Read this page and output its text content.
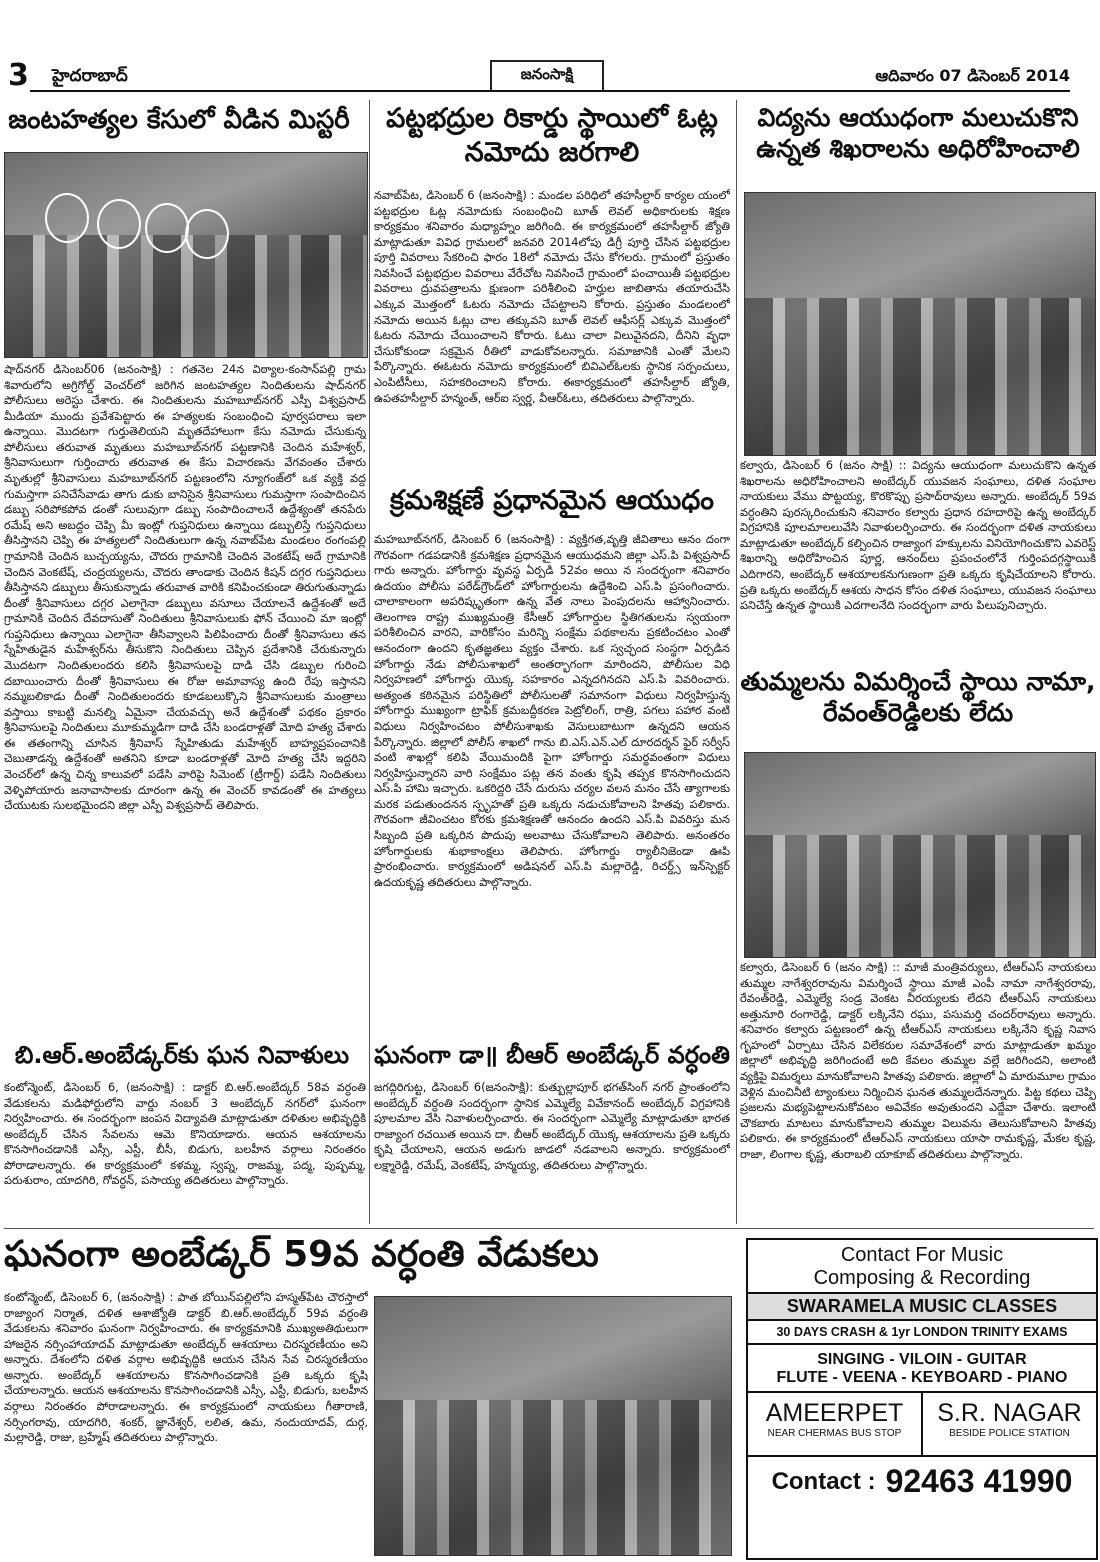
3 హైదరాబాద్	జనంసాక్షి	ఆదివారం 07 డిసెంబర్ 2014
జంటహత్యల కేసులో వీడిన మిస్టరీ
షాద్‌నగర్‌ డిసెంబర్‌06 (జనంసాక్షి) : గతనెల 24న విఠ్యాల-కంసాన్‌పల్లి గ్రామ శివారులోని అగ్రిగోల్డ్‌ వెంచర్‌లో జరిగిన జంటహత్యల నిందితులను షాద్‌నగర్‌ పోలీసులు అరెస్టు చేశారు. ఈ నిందితులను మహబూబ్‌నగర్‌ ఎస్పీ విశ్వప్రసాద్‌ మీడియా ముందు ప్రవేశపెట్టారు ఈ హత్యలకు సంబంధించి పూర్వపరాలు ఇలా ఉన్నాయి. మొదటగా గుర్తుతెలియని మృతదేహాలుగా కేసు నమోదు చేసుకున్న పోలీసులు తరువాత మృతులు మహబూబ్‌నగర్‌ పట్టణానికి చెందిన మహేశ్వర్‌, శ్రీనివాసులుగా గుర్తించారు తరువాత ఈ కేసు విచారణను వేగవంతం చేశారు మృతుల్లో శ్రీనివాసులు మహబూబ్‌నగర్‌ పట్టణంలోని న్యూగంజ్‌లో ఒక వ్యక్తి వద్ద గుమస్తాగా పనిచేసేవాడు తాగు డుకు బానిసైన శ్రీనివాసులు గుమస్తాగా సంపాదించిన డబ్బు సరిపోకపోవ డంతో సులువుగా డబ్బు సంపాదించాలనే ఉద్దేశ్యంతో తనపేరు రమేష్‌ అని అబద్దం చెప్పి మీ ఇంట్లో గుప్తనిధులు ఉన్నాయి డబ్బులిస్తే గుప్తనిధులు తీసిస్తానని చెప్పి ఈ హత్యలలో నిందితులుగా ఉన్న నవాబ్‌పేట మండలం రంగంపల్లి గ్రామానికి చెందిన బుచ్చయ్యను, చౌదరు గ్రామానికి చెందిన వెంకటేష్‌ అదే గ్రామానికి చెందిన వెంకటేష్‌, చంద్రయ్యలను, చౌదరు తాండాకు చెందిన కిషన్‌ దగ్గర గుప్తనిధులు తీసిస్తానని డబ్బులు తీసుకున్నాడు తరువాత వారికి కనిపించకుండా తిరుగుతున్నాడు దీంతో శ్రీనివాసులు దగ్గర ఎలాగైనా డబ్బులు వసూలు చేయాలనే ఉద్దేశంతో అదే గ్రామానికి చెందిన దేవదాసుతో నిందితులు శ్రీనివాసులుకు ఫోన్‌ చేయించి మా ఇంట్లో గుప్తనిధులు ఉన్నాయి ఎలాగైనా తీసివ్వాలని పిలిపించారు దీంతో శ్రీనివాసులు తన స్నేహితుడైన మహేశ్వర్‌ను తీసుకొని నిందితులు చెప్పిన ప్రదేశానికి చేరుకున్నారు మొదటగా నిందితులందరు కలిసి శ్రీనివాసులపై దాడి చేసి డబ్బుల గురించి దబాయించారు దీంతో శ్రీనివాసులు ఈ రోజు అమావాస్య ఉంది రేపు ఇస్తానని నమ్మబలికాడు దీంతో నిందితులందరు కూడబలుక్కొని శ్రీనివాసులుకు మంత్రాలు వస్తాయి కాబట్టి మనల్ని ఏమైనా చేయవచ్చు అనే ఉద్దేశంతో పథకం ప్రకారం శ్రీనివాసులపై నిందితులు మూకుమ్మడిగా దాడి చేసి బండరాళ్లతో మోది హత్య చేశారు ఈ తతంగాన్ని చూసిన శ్రీనివాస్‌ స్నేహితుడు మహేశ్వర్‌ బాహ్యప్రపంచానికి చెబుతాడన్న ఉద్దేశంతో అతనిని కూడా బండరాళ్లతో మోది హత్య చేసి ఇద్దరిని వెంచర్‌లో ఉన్న చిన్న కాలువలో పడేసి వారిపై సిమెంట్‌ (ట్రీగార్డ్‌) పడేసి నిందితులు వెళ్ళిపోయారు జనావాసాలకు దూరంగా ఉన్న ఈ వెంచర్‌ కావడంతో ఈ హత్యలు చేయుటకు సులభమైందని జిల్లా ఎస్పీ విశ్వప్రసాద్‌ తెలిపారు.
పట్టభద్రుల రికార్డు స్థాయిలో ఓట్ల నమోదు జరగాలి
నవాబ్‌పేట, డిసెంబర్‌ 6 (జనంసాక్షి) : మండల పరిధిలో తహసీల్దార్‌ కార్యల యంలో పట్టభద్రుల ఓట్ల నమోదుకు సంబంధించి బూత్‌ లెవల్‌ అధికారులకు శిక్షణ కార్యక్రమం శనివారం మధ్యాహ్నం జరిగింది. ఈ కార్యక్రమంలో తహసీల్దార్‌ జ్యోతి మాట్లాడుతూ వివిధ గ్రామలలో జనవరి 2014లోపు డిగ్రీ పూర్తి చేసిన పట్టభద్రుల పూర్తి వివరాలు సేకరించి ఫారం 18లో నమోదు చేసు కోగలరు. గ్రామంలో ప్రస్తుతం నివసించే పట్టభద్రుల వివరాలు వేరేచోట నివసించే గ్రామంలో పంచాయితీ పట్టభద్రుల వివరాలు ద్రువపత్రాలను క్షుణంగా పరిశీలించి హర్హుల జాబితాను తయారుచేసి ఎక్కువ మొత్తంలో ఓటరు నమోదు చేపట్టాలని కోరారు. ప్రస్తుతం మండలంలో నమోదు అయిన ఓట్లు చాల తక్కువని బూత్‌ లెవల్‌ ఆఫీసర్ల్‌ ఎక్కువ మొత్తంలో ఓటరు నమోదు చేయించాలని కోరారు. ఓటు చాలా విలువైనదని, దీనిని వృధా చేసుకోకుండా సక్రమైన రీతిలో వాడుకోవలన్నారు. సమాజానికి ఎంతో మేలని పేర్కొన్నారు. ఈఓటరు నమోదు కార్యక్రమంలో బివిఎల్‌ఓలకు స్థానిక సర్పంచులు, ఎంపిటీసీలు, సహకరించాలని కోరారు. ఈకార్యక్రమంలో తహసీల్దార్‌ జ్యోతి, ఉపతహసీల్దార్‌ హన్మంత్‌, ఆర్‌ఐ స్వర్ణ, వీఆర్‌ఓలు, తదితరులు పాల్గొన్నారు.
క్రమశిక్షణే ప్రధానమైన ఆయుధం
మహబూబ్‌నగర్‌, డిసెంబర్‌ 6 (జనంసాక్షి) : వ్యక్తిగత,వృత్తి జీవితాలు ఆనం దంగా గౌరవంగా గడపడానికి క్రమశిక్షణ ప్రధానమైన ఆయుధమని జిల్లా ఎస్‌.పి విశ్వప్రసాద్‌ గారు అన్నారు. హోంగార్డు వృవస్థ ఏర్పడి 52వం అయి న సందర్భంగా శనివారం ఉదయం పోలీసు పరేడ్‌గ్రౌండ్‌లో హోంగార్డులను ఉద్దేశించి ఎస్‌.పి ప్రసంగించారు. చాలాకాలంగా అపరిష్కృతంగా ఉన్న వేత నాలు పెంపుదలను ఆహ్వానించారు. తెలంగాణ రాష్ట్ర ముఖ్యమంత్రి కేసీఆర్‌ హోంగార్డుల స్థితిగతులను స్వయంగా పరిశీలించిన వారని, వారికోసం మరిన్ని సంక్షేమ పథకాలను ప్రకటించటం ఎంతో ఆనందంగా ఉందని కృతజ్ఞతలు వ్యక్తం చేశారు. ఒక స్వచ్ఛంద సంస్థగా ఏర్పడిన హోంగార్డు నేడు పోలీసుశాఖలో అంతర్భాగంగా మారిందని, పోలీసుల విధి నిర్వహణలో హోంగార్డు యొక్క సహకారం ఎన్నదగినదని ఎస్‌.పి వివరించారు. అత్యంత కఠినమైన పరిస్థితిలో పోలీసులతో సమానంగా విధులు నిర్వహిస్తున్న హోంగార్డు ముఖ్యంగా ట్రాఫిక్‌ క్రమబద్దీకరణ పెట్రోలింగ్‌, రాత్రి, పగలు పహార వంటి విధులు నిర్వహించటం పోలీసుశాఖకు వెసులుబాటుగా ఉన్నదని ఆయన పేర్కొన్నారు. జిల్లాలో పోలీస్‌ శాఖలో గాను బి.ఎస్‌.ఎన్‌.ఎల్‌ దూరదర్శన్‌ ఫైర్‌ సర్వీస్‌ వంటి శాఖల్లో కలిపి వేయిమందికి పైగా హోంగార్డు సమర్థవంతంగా విధులు నిర్వహిస్తున్నారని వారి సంక్షేమం పట్ల తన వంతు కృషి తప్పక కొనసాగించుదని ఎస్‌.పి హామి ఇచ్చారు. ఒకరిద్దరి చేసే దురుసు చర్యల వలన మనం చేసే త్యాగాలకు మరక పడుతుందనన స్పృహతో ప్రతి ఒక్కరు నడుచుకోవాలని హితవు పలికారు. గౌరవంగా జీవించటం కోరకు క్రమశిక్షణతో ఆనందం ఉందని ఎస్‌.పి వివరిస్తు మన సిబ్బంది ప్రతి ఒక్కరిన పొదుపు అలవాటు చేసుకోవాలని తెలిపారు. అనంతరం హోంగార్డులకు శుభాకాంక్షలు తెలిపారు. హోంగార్డు ర్యాలీనిజెండా ఊపి ప్రారంభించారు. కార్యక్రమంలో అడిషనల్‌ ఎస్‌.పి మల్లారెడ్డి, రిచర్డ్స్‌ ఇన్‌స్పెక్టర్‌ ఉదయకృష్ణ తదితరులు పాల్గొన్నారు.
విద్యను ఆయుధంగా మలుచుకొని ఉన్నత శిఖరాలను అధిరోహించాలి
కల్వారు, డిసెంబర్‌ 6 (జనం సాక్షి) :: విద్యను ఆయుధంగా మలుచుకొని ఉన్నత శిఖరాలను అధిరోహించాలని అంబేద్కర్‌ యువజన సంఘాలు, దళిత సంఘాల నాయకులు వేము పొట్టయ్య, కొరకొప్పు ప్రసాద్‌రావులు అన్నారు. అంబేద్కర్‌ 59వ వర్ధంతిని పురస్కరించుకుని శనివారం కల్వారు ప్రధాన రహదారిపై ఉన్న అంబేద్కర్‌ విగ్రహానికి పూలమాలలువేసి నివాళులర్పించారు. ఈ సందర్భంగా దళిత నాయకులు మాట్లాడుతూ అంబేద్కర్‌ కల్పించిన రాజ్యాంగ హక్కులను వినియోగించుకొని ఎవరెస్ట్‌ శిఖరాన్ని అధిరోహించిన పూర్ణ, ఆనంద్‌లు ప్రపంచంలోనే గుర్తింపదగ్గస్థాయికి ఎదిగారని, అంబేద్కర్‌ ఆశయాలకనుగుణంగా ప్రతి ఒక్కరు కృషిచేయాలని కోరారు. ప్రతి ఒక్కరు అంబేద్కర్‌ ఆశయ సాధన కోసం దళిత సంఘాలు, యువజన సంఘాలు పనిచేస్తే ఉన్నత స్థాయికి ఎదగాలనేది సందర్భంగా వారు పిలుపునిచ్చారు.
తుమ్మలను విమర్శించే స్థాయి నామా, రేవంత్‌రెడ్డిలకు లేదు
కల్వారు, డిసెంబర్‌ 6 (జనం సాక్షి) :: మాజీ మంత్రివర్యులు, టీఆర్‌ఎస్‌ నాయకులు తుమ్మల నాగేశ్వరరావును విమర్శించే స్థాయి మాజీ ఎంపీ నామా నాగేశ్వరరావు, రేవంత్‌రెడ్డి, ఎమ్మెల్యే సండ్ర వెంకట వీరయ్యలకు లేదని టీఆర్‌ఎస్‌ నాయకులు అత్తునూరి రంగారెడ్డి, డాక్టర్‌ లక్కినేని రఘు, పసుమర్తి చందర్‌రావులు అన్నారు. శనివారం కల్వారు పట్టణంలో ఉన్న టీఆర్‌ఎస్‌ నాయకులు లక్కినేని కృష్ణ నివాస గృహంలో ఏర్పాటు చేసిన విలేకరుల సమావేశంలో వారు మాట్లాడుతూ ఖమ్మం జిల్లాలో అభివృద్ధి జరిగిందంటే అది కేవలం తుమ్మల వల్లే జరిగిందని, అలాంటి వ్యక్తిపై విమర్శలు మానుకోవాలని హితవు పలికారు. జిల్లాలో ఏ మారుమూల గ్రామం వెళ్లిన మంచినీటి ట్యాంకులు నిర్మించిన ఘనత తుమ్మలదేనన్నారు. పిట్ట కథలు చెప్పి ప్రజలను మభ్యపెట్టాలనుకోవటం అవివేకం అవుతుందని ఎద్దేవా చేశారు. ఇలాంటి చౌకబారు మాటలు మానుకోవాలని తుమ్మల విలువను తెలుసుకోవాలని హితవు పలికారు. ఈ కార్యక్రమంలో టీఆర్‌ఎస్‌ నాయకులు యాసా రామకృష్ణ, మేకల కృష్ణ, రాజా, లింగాల కృష్ణ, తురాబలి యాకూబ్‌ తదితరులు పాల్గొన్నారు.
బి.ఆర్‌.అంబేడ్కర్‌కు ఘన నివాళులు
కంటోన్మెంట్‌, డిసెంబర్‌ 6, (జనంసాక్షి) : డాక్టర్‌ బి.ఆర్‌.అంబేద్కర్‌ 58వ వర్ధంతి వేడుకలను మడిఫోర్టులోని వార్డు నంబర్‌ 3 అంబేద్కర్‌ నగర్‌లో ఘనంగా నిర్వహించారు. ఈ సందర్భంగా జంపన విద్యావతి మాట్లాడుతూ దళితుల అభివృద్ధికి అంబేద్కర్‌ చేసిన సేవలను ఆమె కొనియాడారు. ఆయన ఆశయాలను కొనసాగించడానికి ఎస్సీ, ఎస్టీ, బీసీ, బిడుగు, బలహీన వర్గాలు నిరంతరం పోరాడాలన్నారు. ఈ కార్యక్రమంలో కళమ్మ, స్వప్న, రాజమ్మ, పద్మ, పుష్పమ్మ, పరుశురాం, యాదగిరి, గోవర్ధన్‌, పసాయ్య తదితరులు పాల్గొన్నారు.
ఘనంగా డా॥ బీఆర్‌ అంబేడ్కర్‌ వర్ధంతి
జగద్గిరిగుట్ట, డిసెంబర్‌ 6(జనంసాక్షి): కుత్బుల్లాపూర్‌ భగత్‌సింగ్‌ నగర్‌ ప్రాంతంలోని అంబేద్కర్‌ వర్ధంతి సందర్భంగా స్థానిక ఎమ్మెల్యే వివేకానంద్‌ అంబేద్కర్‌ విగ్రహానికి పూలమాల వేసి నివాళులర్పించారు. ఈ సందర్భంగా ఎమ్మెల్యే మాట్లాడుతూ భారత రాజ్యాంగ రచయిత అయిన దా. బీఆర్‌ అంబేద్కర్‌ యొక్క ఆశయాలను ప్రతి ఒక్కరు కృషి చేయాలని, ఆయన అడుగు జాడలో నడవాలని అన్నారు. కార్యక్రమంలో లక్ష్మారెడ్డి, రమేష్‌, వెంకటేష్‌, హన్మయ్య, తదితరులు పాల్గొన్నారు.
ఘనంగా అంబేడ్కర్‌ 59వ వర్ధంతి వేడుకలు
కంటోన్మెంట్‌, డిసెంబర్‌ 6, (జనంసాక్షి) : పాత బోయిన్‌పల్లిలోని హస్మత్‌పేట చౌరస్తాలో రాజ్యాంగ నిర్మాత, దళిత ఆశాజ్యోతి డాక్టర్‌ బి.ఆర్‌.అంబేద్కర్‌ 59వ వర్ధంతి వేడుకలను శనివారం ఘనంగా నిర్వహించారు. ఈ కార్యక్రమానికి ముఖ్యఅతిథులుగా హాజరైన నర్సింహాయాదవ్‌ మాట్లాడుతూ అంబేద్కర్‌ ఆశయాలు చిరస్మరణీయం అని అన్నారు. దేశంలోని దళిత వర్గాల అభివృద్ధికి ఆయన చేసిన సేవ చిరస్మరణీయం అన్నారు. అంబేద్కర్‌ ఆశయాలను కొనసాగించడానికి ప్రతి ఒక్కరు కృషి చేయాలన్నారు. ఆయన ఆశయాలను కొనసాగించడానికి ఎస్సీ, ఎస్టీ, బిడుగు, బలహీన వర్గాలు నిరంతరం పోరాడాలన్నారు. ఈ కార్యక్రమంలో నాయకులు గీతారాణి, నర్సింగరావు, యాదగిరి, శంకర్‌, జ్ఞానేశ్వర్‌, లలిత, ఉమ, నందుయాదవ్‌, దుర్గ, మల్లారెడ్డి, రాజు, బ్రహ్మేష్‌ తదితరులు పాల్గొన్నారు.
Contact For Music
Composing & Recording
SWARAMELA MUSIC CLASSES
30 DAYS CRASH & 1yr LONDON TRINITY EXAMS
SINGING - VILOIN - GUITAR
FLUTE - VEENA - KEYBOARD - PIANO
AMEERPET
NEAR CHERMAS BUS STOP
S.R. NAGAR
BESIDE POLICE STATION
Contact : 92463 41990
